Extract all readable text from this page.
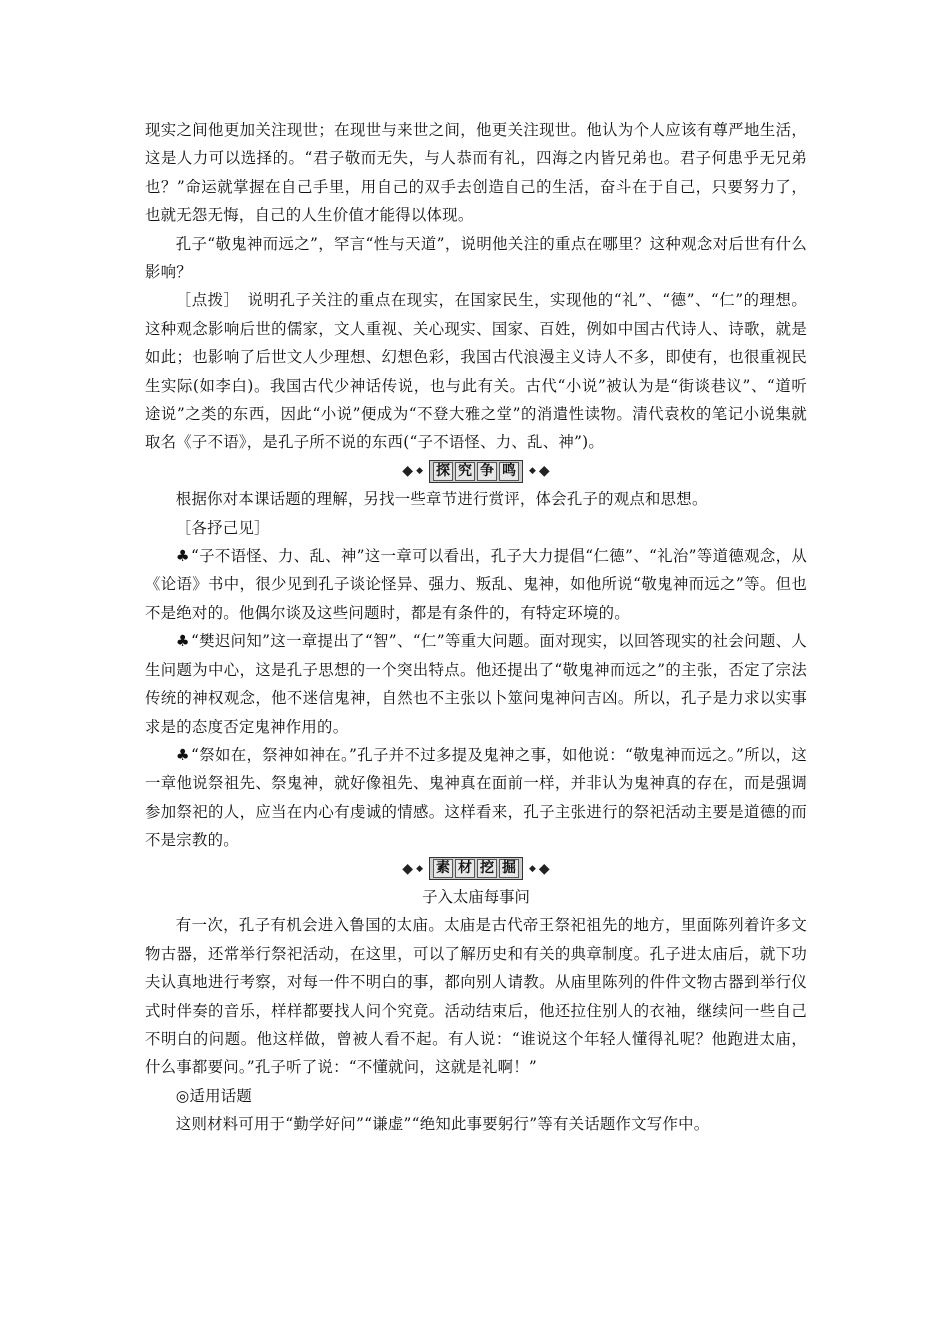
现实之间他更加关注现世；在现世与来世之间，他更关注现世。他认为个人应该有尊严地生活，这是人力可以选择的。“君子敬而无失，与人恭而有礼，四海之内皆兄弟也。君子何患乎无兄弟也？”命运就掌握在自己手里，用自己的双手去创造自己的生活，奋斗在于自己，只要努力了，也就无怨无悔，自己的人生价值才能得以体现。

孔子“敬鬼神而远之”，罕言“性与天道”，说明他关注的重点在哪里？这种观念对后世有什么影响？

［点拨］　说明孔子关注的重点在现实，在国家民生，实现他的“礼”、“德”、“仁”的理想。这种观念影响后世的儒家，文人重视、关心现实、国家、百姓，例如中国古代诗人、诗歌，就是如此；也影响了后世文人少理想、幻想色彩，我国古代浪漫主义诗人不多，即使有，也很重视民生实际(如李白)。我国古代少神话传说，也与此有关。古代“小说”被认为是“街谈巷议”、“道听途说”之类的东西，因此“小说”便成为“不登大雅之堂”的消遣性读物。清代袁枚的笔记小说集就取名《子不语》，是孔子所不说的东西(“子不语怪、力、乱、神”)。

◆ ◆ 探 究 争 鸣	◆ ◆

根据你对本课话题的理解，另找一些章节进行赏评，体会孔子的观点和思想。

［各抒己见］

♣“子不语怪、力、乱、神”这一章可以看出，孔子大力提倡“仁德”、“礼治”等道德观念，从《论语》书中，很少见到孔子谈论怪异、强力、叛乱、鬼神，如他所说“敬鬼神而远之”等。但也不是绝对的。他偶尔谈及这些问题时，都是有条件的，有特定环境的。

♣“樊迟问知”这一章提出了“智”、“仁”等重大问题。面对现实，以回答现实的社会问题、人生问题为中心，这是孔子思想的一个突出特点。他还提出了“敬鬼神而远之”的主张，否定了宗法传统的神权观念，他不迷信鬼神，自然也不主张以卜筮问鬼神问吉凶。所以，孔子是力求以实事求是的态度否定鬼神作用的。

♣“祭如在，祭神如神在。”孔子并不过多提及鬼神之事，如他说：“敬鬼神而远之。”所以，这一章他说祭祖先、祭鬼神，就好像祖先、鬼神真在面前一样，并非认为鬼神真的存在，而是强调参加祭祀的人，应当在内心有虔诚的情感。这样看来，孔子主张进行的祭祀活动主要是道德的而不是宗教的。

◆ ◆ 素 材 挖 掘	◆ ◆
子入太庙每事问

有一次，孔子有机会进入鲁国的太庙。太庙是古代帝王祭祀祖先的地方，里面陈列着许多文物古器，还常举行祭祀活动，在这里，可以了解历史和有关的典章制度。孔子进太庙后，就下功夫认真地进行考察，对每一件不明白的事，都向别人请教。从庙里陈列的件件文物古器到举行仪式时伴奏的音乐，样样都要找人问个究竟。活动结束后，他还拉住别人的衣袖，继续问一些自己不明白的问题。他这样做，曾被人看不起。有人说：“谁说这个年轻人懂得礼呢？他跑进太庙，什么事都要问。”孔子听了说：“不懂就问，这就是礼啊！”

◎适用话题

这则材料可用于“勤学好问”“谦虚”“绝知此事要躬行”等有关话题作文写作中。
